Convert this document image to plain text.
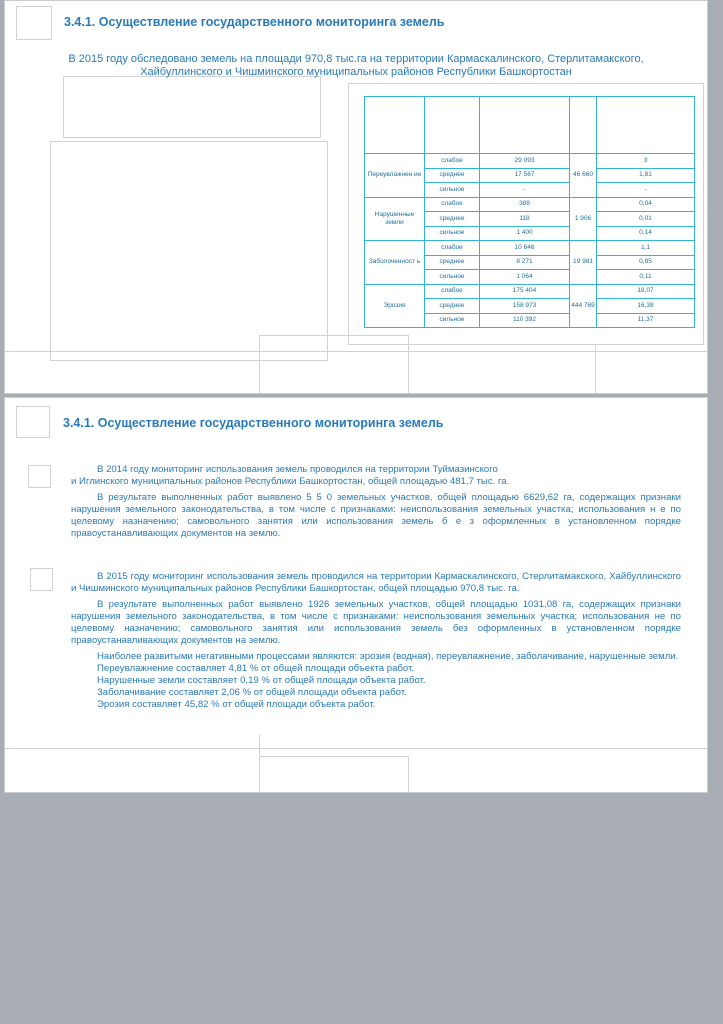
3.4.1. Осуществление государственного мониторинга земель
В 2015 году обследовано земель на площади 970,8 тыс.га на территории Кармаскалинского, Стерлитамакского,
Хайбуллинского и Чишминского муниципальных районов Республики Башкортостан

Переувлажнен ие	слабое	29 093	46 660	3
	среднее	17 567		1,81
	сильное	-		-
Нарушенные земли	слабое	388	1 906	0,04
	среднее	118		0,01
	сильное	1 400		0,14
Заболоченност ь	слабое	10 646	19 981	1,1
	среднее	8 271		0,85
	сильное	1 064		0,11
Эрозия	слабое	175 404	444 769	18,07
	среднее	158 973		16,38
	сильное	110 392		11,37
3.4.1. Осуществление государственного мониторинга земель

В 2014 году мониторинг использования земель проводился на территории Туймазинского

и Иглинского муниципальных районов Республики Башкортостан, общей площадью 481,7 тыс. га.

В результате выполненных работ выявлено 5 5 0 земельных участков, общей площадью 6629,62 га, содержащих признаки нарушения земельного законодательства, в том числе с признаками: неиспользования земельных участка; использования н е по целевому назначению; самовольного занятия или использования земель б е з оформленных в установленном порядке правоустанавливающих документов на землю.

В 2015 году мониторинг использования земель проводился на территории Кармаскалинского, Стерлитамакского, Хайбуллинского и Чишминского муниципальных районов Республики Башкортостан, общей площадью 970,8 тыс. га.

В результате выполненных работ выявлено 1926 земельных участков, общей площадью 1031,08 га, содержащих признаки нарушения земельного законодательства, в том числе с признаками: неиспользования земельных участка; использования не по целевому назначению; самовольного занятия или использования земель без оформленных в установленном порядке правоустанавливающих документов на землю.

Наиболее развитыми негативными процессами являются: эрозия (водная), переувлажнение, заболачивание, нарушенные земли.

Переувлажнение составляет 4,81 % от общей площади объекта работ.

Нарушенные земли составляет 0,19 % от общей площади объекта работ.

Заболачивание составляет 2,06 % от общей площади объекта работ.

Эрозия составляет 45,82 % от общей площади объекта работ.
